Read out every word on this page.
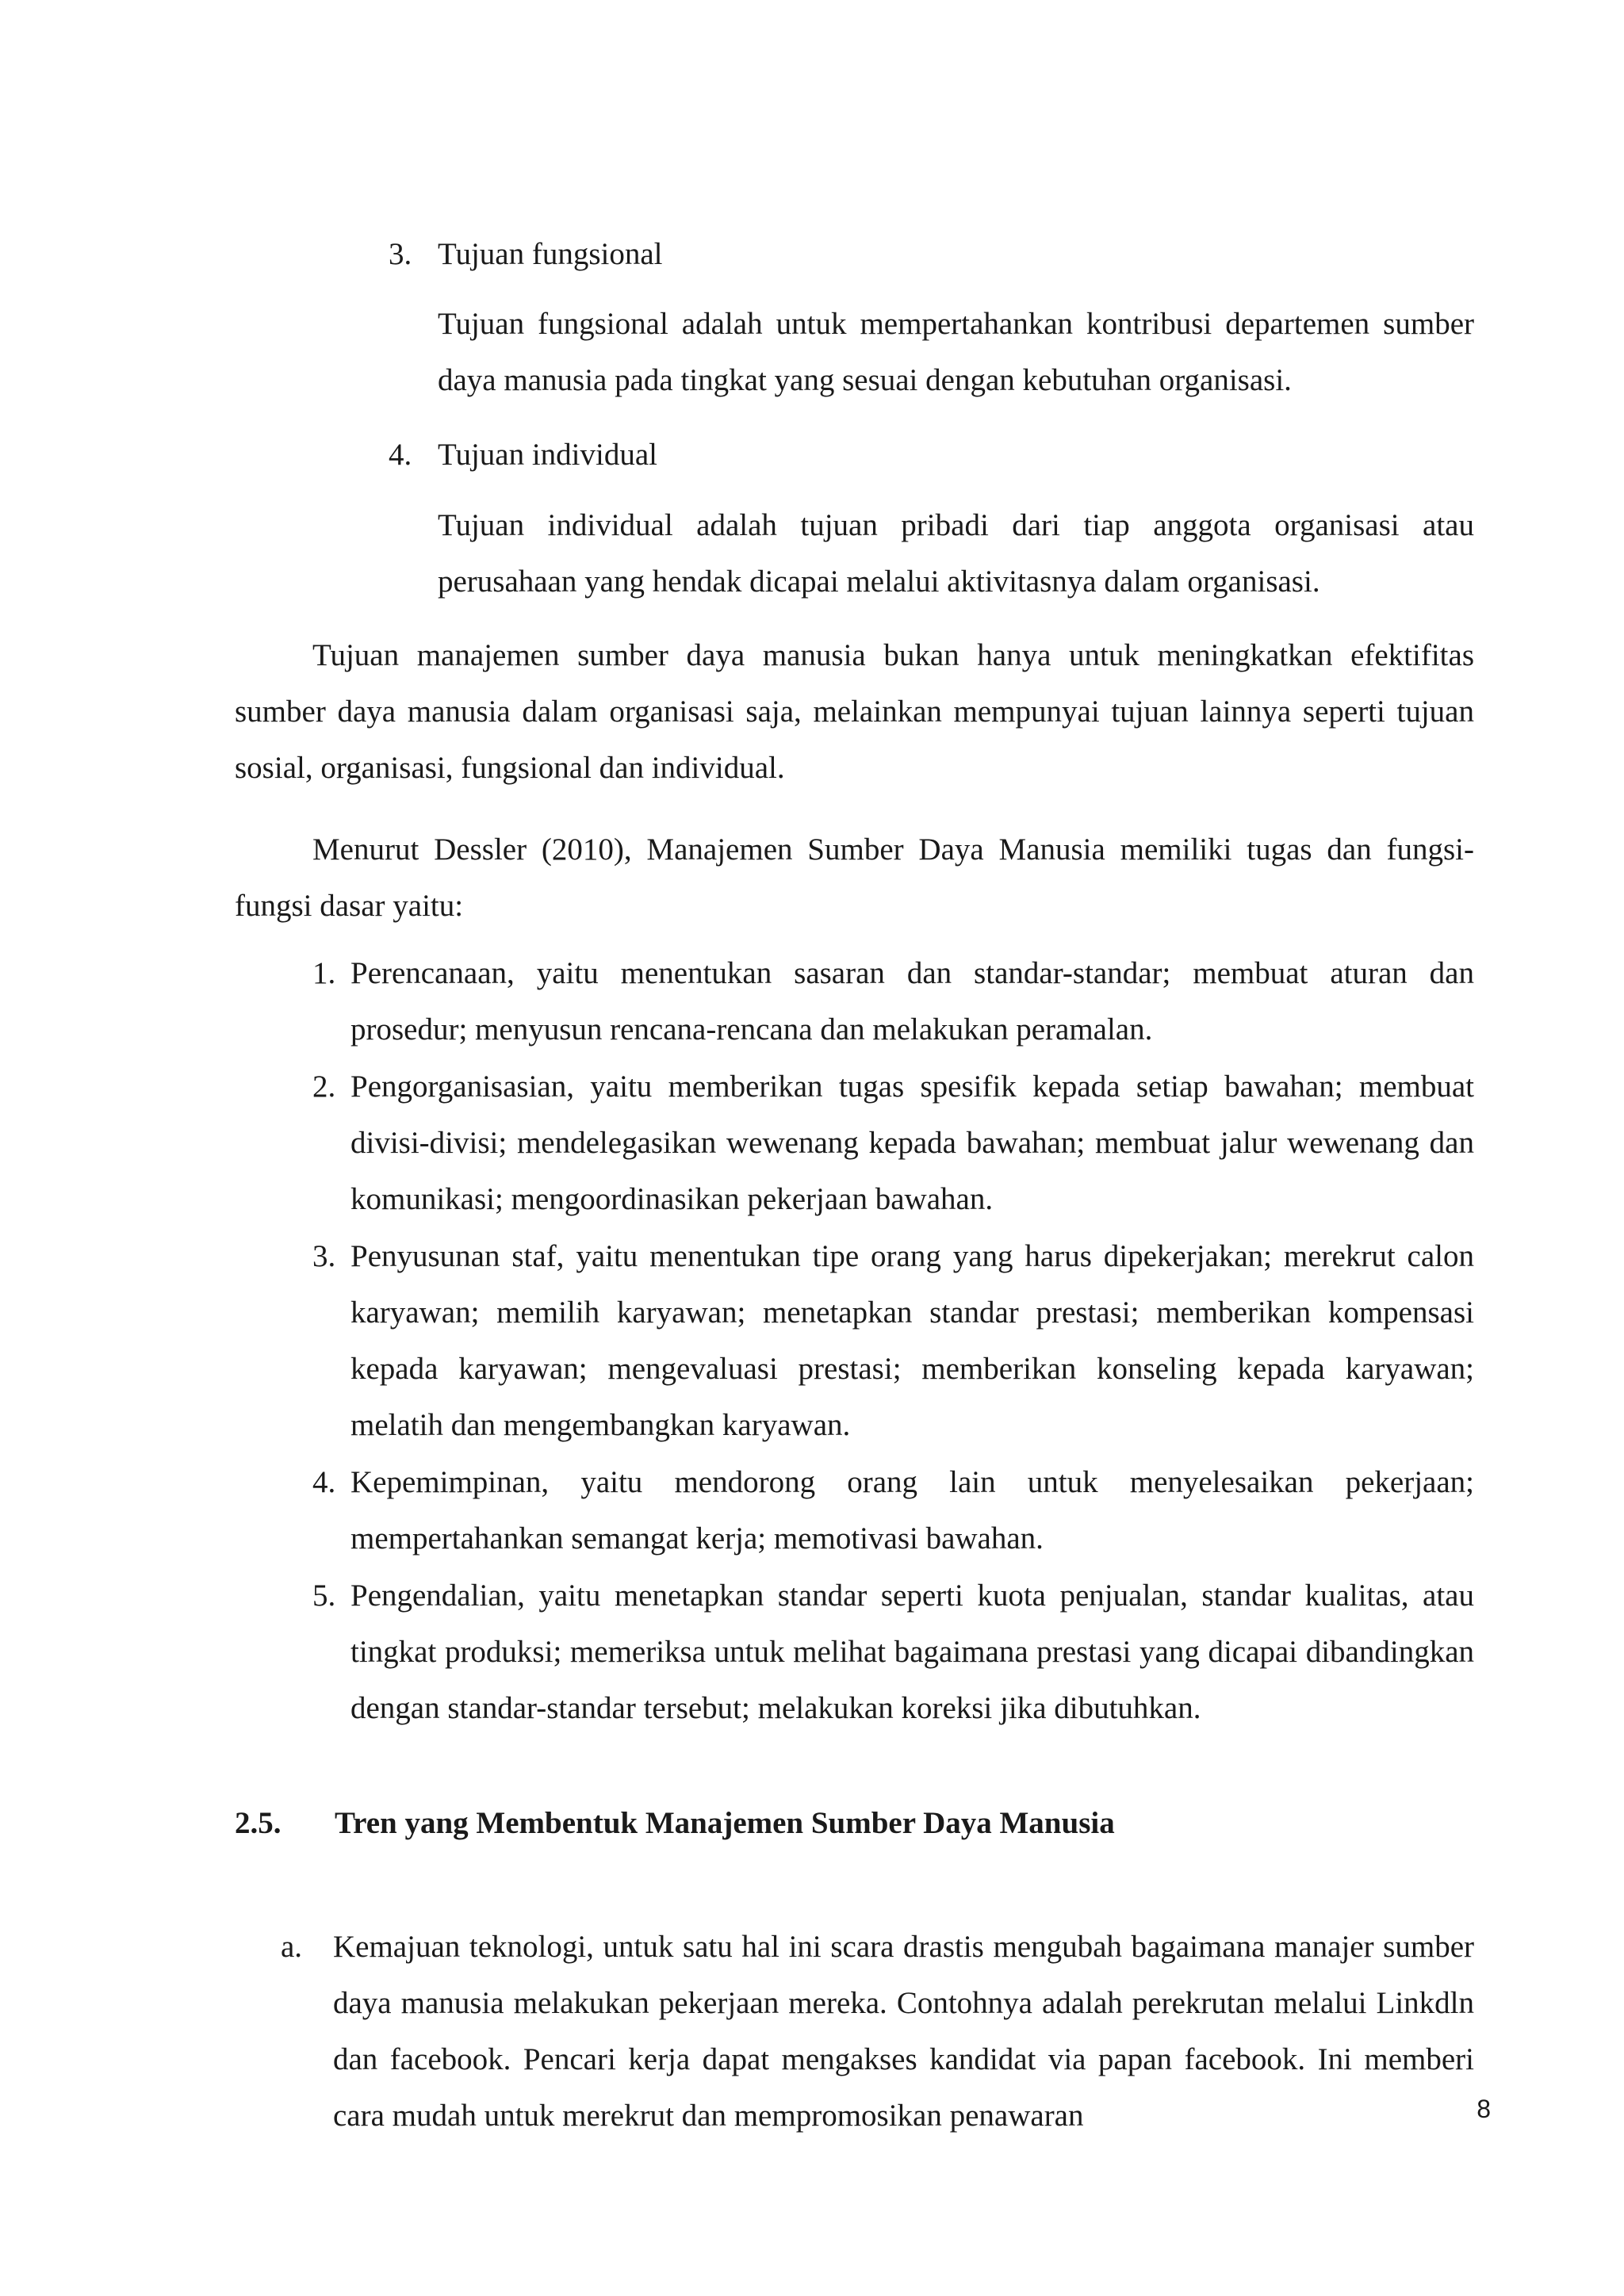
3. Tujuan fungsional
Tujuan fungsional adalah untuk mempertahankan kontribusi departemen sumber daya manusia pada tingkat yang sesuai dengan kebutuhan organisasi.
4. Tujuan individual
Tujuan individual adalah tujuan pribadi dari tiap anggota organisasi atau perusahaan yang hendak dicapai melalui aktivitasnya dalam organisasi.
Tujuan manajemen sumber daya manusia bukan hanya untuk meningkatkan efektifitas sumber daya manusia dalam organisasi saja, melainkan mempunyai tujuan lainnya seperti tujuan sosial, organisasi, fungsional dan individual.
Menurut Dessler (2010), Manajemen Sumber Daya Manusia memiliki tugas dan fungsi-fungsi dasar yaitu:
1. Perencanaan, yaitu menentukan sasaran dan standar-standar; membuat aturan dan prosedur; menyusun rencana-rencana dan melakukan peramalan.
2. Pengorganisasian, yaitu memberikan tugas spesifik kepada setiap bawahan; membuat divisi-divisi; mendelegasikan wewenang kepada bawahan; membuat jalur wewenang dan komunikasi; mengoordinasikan pekerjaan bawahan.
3. Penyusunan staf, yaitu menentukan tipe orang yang harus dipekerjakan; merekrut calon karyawan; memilih karyawan; menetapkan standar prestasi; memberikan kompensasi kepada karyawan; mengevaluasi prestasi; memberikan konseling kepada karyawan; melatih dan mengembangkan karyawan.
4. Kepemimpinan, yaitu mendorong orang lain untuk menyelesaikan pekerjaan; mempertahankan semangat kerja; memotivasi bawahan.
5. Pengendalian, yaitu menetapkan standar seperti kuota penjualan, standar kualitas, atau tingkat produksi; memeriksa untuk melihat bagaimana prestasi yang dicapai dibandingkan dengan standar-standar tersebut; melakukan koreksi jika dibutuhkan.
2.5. Tren yang Membentuk Manajemen Sumber Daya Manusia
a. Kemajuan teknologi, untuk satu hal ini scara drastis mengubah bagaimana manajer sumber daya manusia melakukan pekerjaan mereka. Contohnya adalah perekrutan melalui Linkdln dan facebook. Pencari kerja dapat mengakses kandidat via papan facebook. Ini memberi cara mudah untuk merekrut dan mempromosikan penawaran	8
